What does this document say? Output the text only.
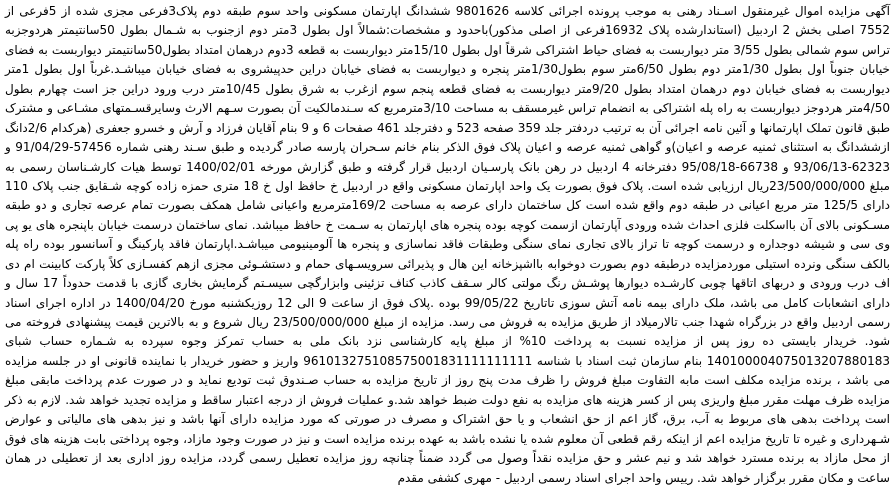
آگهی مزایده اموال غیرمنقول اسـناد رهنی به موجب پرونده اجرائی کلاسه 9801626 ششدانگ اپارتمان مسکونی واحد سوم طبقه دوم پلاک3فرعی مجزی شده از 5فرعی از 7552 اصلی بخش 2 اردبیل (استاندارشده پلاک 16932فرعی از اصلی مذکور)باحدود و مشخصات:شمالاً اول بطول 3متر دوم ازجنوب به شـمال بطول 50سانتیمتر هردوجزبه تراس سوم شمالی بطول 3/55 متر دیواربست به فضای حیاط اشتراکی شرقاً اول بطول 15/10متر دیواربست به قطعه 3دوم درهمان امتداد بطول50سانتیمتر دیواربست به فضای خیابان جنوباً اول بطول 1/30متر دوم بطول 6/50متر سوم بطول1/30متر پنجره و دیواربست به فضای خیابان دراین حدپیشروی به فضای خیابان میباشـد.غرباً اول بطول 1متر دیواربست به فضای خیابان دوم درهمان امتداد بطول 9/20متر دیواربست به فضای قطعه پنجم سوم ازغرب به شرق بطول 10/45متر درب ورود دراین جز است چهارم بطول 4/50متر هردوجز دیواربست به راه پله اشتراکی به انضمام تراس غیرمسقف به مساحت 3/10مترمربع که سـندمالکیت آن بصورت سـهم الارث وسایرقسـمتهای مشـاعی و مشترک طبق قانون تملک اپارتمانها و آئین نامه اجرائی آن به ترتیب دردفتر جلد 359 صفحه 523 و دفترجلد 461 صفحات 6 و 9 بنام آقایان فرزاد و آرش و خسرو جعفری (هرکدام 2/6دانگ ازششدانگ به استثنای ثمنیه عرصه و اعیان)و گواهی ثمنیه عرصه و اعیان پلاک فوق الذکر بنام خانم سـحران پارسه صادر گردیده و طبق سـند رهنی شماره 57456-91/04/29 و 62323-93/06/13 و 66738-95/08/18 دفترخانه 4 اردبیل در رهن بانک پارسـیان اردبیل قرار گرفته و طبق گزارش مورخه 1400/02/01 توسط هیات کارشـناسان رسمی به مبلغ 23/500/000/000ریال ارزیابی شده است. پلاک فوق بصورت یک واحد اپارتمان مسکونی واقع در اردبیل خ حافظ اول خ 18 متری حمزه زاده کوچه شـقایق جنب پلاک 110 دارای 125/5 متر مربع اعیانی در طبقه دوم واقع شده است کل ساختمان دارای عرصه به مساحت 169/2مترمربع واعیانی شامل همکف بصورت تمام عرصه تجاری و دو طبقه مسـکونی بالای آن بااسکلت فلزی احداث شده ورودی آپارتمان ازسمت کوچه بوده پنجره های اپارتمان به سـمت خ حافظ میباشد. نمای ساختمان درسمت خیابان باپنجره های یو پی وی سی و شیشه دوجداره و درسمت کوچه تا تراز بالای تجاری نمای سنگی وطبقات فاقد نماسازی و پنجره ها آلومینیومی میباشـد.اپارتمان فاقد پارکینگ و آسانسور بوده راه پله بالکف سنگی ونرده استیلی موردمزایده درطبقه دوم بصورت دوخوابه بااشپزخانه این هال و پذیرائی سرویسـهای حمام و دستشـوئی مجزی ازهم کفسـازی کلاً پارکت کابینت ام دی اف درب ورودی و دربهای اتاقها چوبی کارشـده دیوارها پوشـش رنگ مولتی کالر سـقف کاذب کناف تزئینی وابزارگچی سیسـتم گرمایش بخاری گازی با قدمت حدوداً 17 سال و دارای انشعابات کامل می باشد، ملک دارای بیمه نامه آتش سوزی تاتاریخ 99/05/22 بوده .پلاک فوق از ساعت 9 الی 12 روزیکشنبه مورخ 1400/04/20 در اداره اجرای اسناد رسمی اردبیل واقع در بزرگراه شهدا جنب تالارمیلاد از طریق مزایده به فروش می رسد. مزایده از مبلغ 23/500/000/000 ریال شروع و به بالاترین قیمت پیشنهادی فروخته می شود. خریدار بایستی ده روز پس از مزایده نسبت به پرداخت 10% از مبلغ پایه کارشناسی نزد بانک ملی به حساب تمرکز وجوه سپرده به شـماره حساب شبای 140100004075013207880183 بنام سازمان ثبت اسناد با شناسه 961013275108575001831111111111 واریز و حضور خریدار با نماینده قانونی او در جلسه مزایده می باشد ، برنده مزایده مکلف است مابه التفاوت مبلغ فروش را ظرف مدت پنج روز از تاریخ مزایده به حساب صـندوق ثبت تودیع نماید و در صورت عدم پرداخت مابقی مبلغ مزایده ظرف مهلت مقرر مبلغ واریزی پس از کسر هزینه های مزایده به نفع دولت ضبط خواهد شد.و عملیات فروش از درجه اعتبار ساقط و مزایده تجدید خواهد شد. لازم به ذکر است پرداخت بدهی های مربوط به آب، برق، گاز اعم از حق انشعاب و یا حق اشتراک و مصرف در صورتی که مورد مزایده دارای آنها باشد و نیز بدهی های مالیاتی و عوارض شـهرداری و غیره تا تاریخ مزایده اعم از اینکه رقم قطعی آن معلوم شده یا نشده باشد به عهده برنده مزایده است و نیز در صورت وجود مازاد، وجوه پرداختی بابت هزینه های فوق از محل مازاد به برنده مسترد خواهد شد و نیم عشر و حق مزایده نقداً وصول می گردد ضمناً چنانچه روز مزایده تعطیل رسمی گردد، مزایده روز اداری بعد از تعطیلی در همان ساعت و مکان مقرر برگزار خواهد شد. رییس واحد اجرای اسناد رسمی اردبیل - مهری کشفی مقدم
